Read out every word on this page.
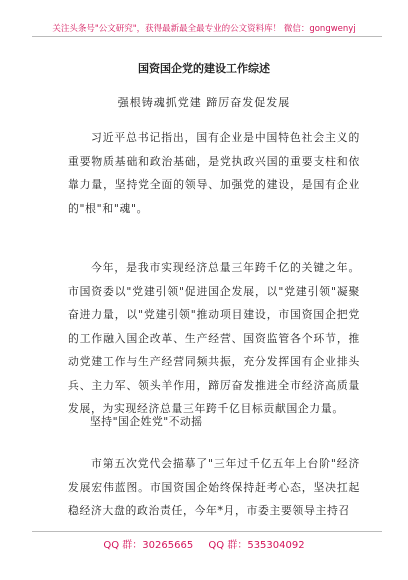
关注头条号"公文研究"，获得最新最全最专业的公文资料库！ 微信：gongwenyj
国资国企党的建设工作综述
强根铸魂抓党建 蹄厉奋发促发展

习近平总书记指出，国有企业是中国特色社会主义的重要物质基础和政治基础，是党执政兴国的重要支柱和依靠力量，坚持党全面的领导、加强党的建设，是国有企业的"根"和"魂"。

今年，是我市实现经济总量三年跨千亿的关键之年。市国资委以"党建引领"促进国企发展，以"党建引领"凝聚奋进力量，以"党建引领"推动项目建设，市国资国企把党的工作融入国企改革、生产经营、国资监管各个环节，推动党建工作与生产经营同频共振，充分发挥国有企业排头兵、主力军、领头羊作用，蹄厉奋发推进全市经济高质量发展，为实现经济总量三年跨千亿目标贡献国企力量。

坚持"国企姓党"不动摇

市第五次党代会描摹了"三年过千亿五年上台阶"经济发展宏伟蓝图。市国资国企始终保持赶考心态，坚决扛起稳经济大盘的政治责任，今年*月，市委主要领导主持召

QQ 群：30265665 QQ 群：535304092
